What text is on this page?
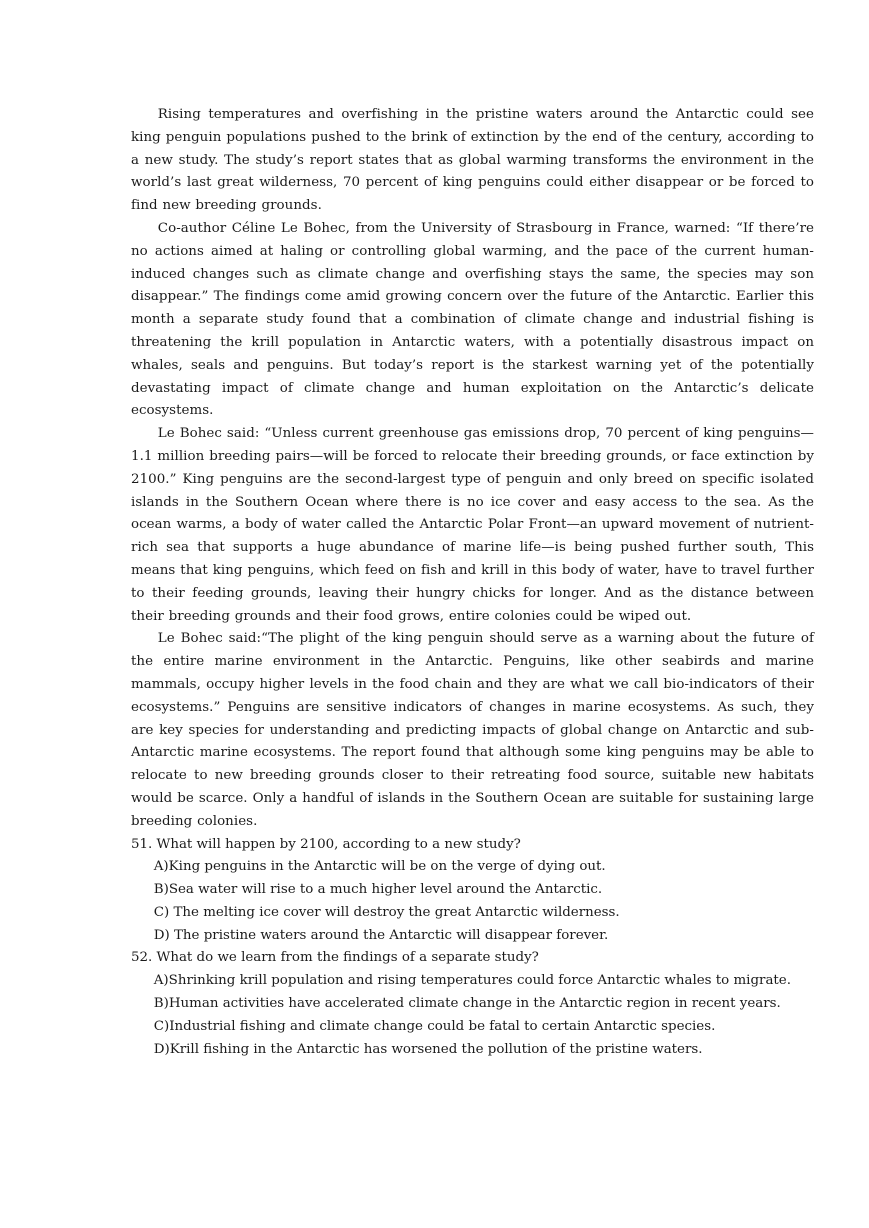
Rising temperatures and overfishing in the pristine waters around the Antarctic could see king penguin populations pushed to the brink of extinction by the end of the century, according to a new study. The study’s report states that as global warming transforms the environment in the world’s last great wilderness, 70 percent of king penguins could either disappear or be forced to find new breeding grounds.

Co-author Céline Le Bohec, from the University of Strasbourg in France, warned: “If there’re no actions aimed at haling or controlling global warming, and the pace of the current human-induced changes such as climate change and overfishing stays the same, the species may son disappear.” The findings come amid growing concern over the future of the Antarctic. Earlier this month a separate study found that a combination of climate change and industrial fishing is threatening the krill population in Antarctic waters, with a potentially disastrous impact on whales, seals and penguins. But today’s report is the starkest warning yet of the potentially devastating impact of climate change and human exploitation on the Antarctic’s delicate ecosystems.

Le Bohec said: “Unless current greenhouse gas emissions drop, 70 percent of king penguins—1.1 million breeding pairs—will be forced to relocate their breeding grounds, or face extinction by 2100.” King penguins are the second-largest type of penguin and only breed on specific isolated islands in the Southern Ocean where there is no ice cover and easy access to the sea. As the ocean warms, a body of water called the Antarctic Polar Front—an upward movement of nutrient-rich sea that supports a huge abundance of marine life—is being pushed further south, This means that king penguins, which feed on fish and krill in this body of water, have to travel further to their feeding grounds, leaving their hungry chicks for longer. And as the distance between their breeding grounds and their food grows, entire colonies could be wiped out.

Le Bohec said:“The plight of the king penguin should serve as a warning about the future of the entire marine environment in the Antarctic. Penguins, like other seabirds and marine mammals, occupy higher levels in the food chain and they are what we call bio-indicators of their ecosystems.” Penguins are sensitive indicators of changes in marine ecosystems. As such, they are key species for understanding and predicting impacts of global change on Antarctic and sub-Antarctic marine ecosystems. The report found that although some king penguins may be able to relocate to new breeding grounds closer to their retreating food source, suitable new habitats would be scarce. Only a handful of islands in the Southern Ocean are suitable for sustaining large breeding colonies.

51. What will happen by 2100, according to a new study?

A)King penguins in the Antarctic will be on the verge of dying out.

B)Sea water will rise to a much higher level around the Antarctic.

C) The melting ice cover will destroy the great Antarctic wilderness.

D) The pristine waters around the Antarctic will disappear forever.

52. What do we learn from the findings of a separate study?

A)Shrinking krill population and rising temperatures could force Antarctic whales to migrate.

B)Human activities have accelerated climate change in the Antarctic region in recent years.

C)Industrial fishing and climate change could be fatal to certain Antarctic species.

D)Krill fishing in the Antarctic has worsened the pollution of the pristine waters.
